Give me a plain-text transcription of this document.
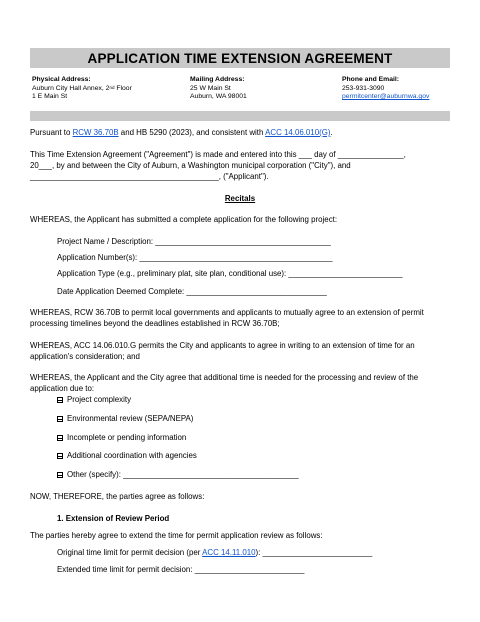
APPLICATION TIME EXTENSION AGREEMENT
Physical Address:
Auburn City Hall Annex, 2nd Floor
1 E Main St
Mailing Address:
25 W Main St
Auburn, WA 98001
Phone and Email:
253-931-3090
permitcenter@auburnwa.gov
Pursuant to RCW 36.70B and HB 5290 (2023), and consistent with ACC 14.06.010(G).
This Time Extension Agreement ("Agreement") is made and entered into this ___ day of _______________,
20___, by and between the City of Auburn, a Washington municipal corporation ("City"), and
___________________________________________, ("Applicant").
Recitals
WHEREAS, the Applicant has submitted a complete application for the following project:
Project Name / Description: ________________________________________
Application Number(s): ____________________________________________
Application Type (e.g., preliminary plat, site plan, conditional use): __________________________
Date Application Deemed Complete: ________________________________
WHEREAS, RCW 36.70B to permit local governments and applicants to mutually agree to an extension of permit processing timelines beyond the deadlines established in RCW 36.70B;
WHEREAS, ACC 14.06.010.G permits the City and applicants to agree in writing to an extension of time for an application's consideration; and
WHEREAS, the Applicant and the City agree that additional time is needed for the processing and review of the application due to:
Project complexity
Environmental review (SEPA/NEPA)
Incomplete or pending information
Additional coordination with agencies
Other (specify): ________________________________________
NOW, THEREFORE, the parties agree as follows:
1. Extension of Review Period
The parties hereby agree to extend the time for permit application review as follows:
Original time limit for permit decision (per ACC 14.11.010): _________________________
Extended time limit for permit decision: _________________________
